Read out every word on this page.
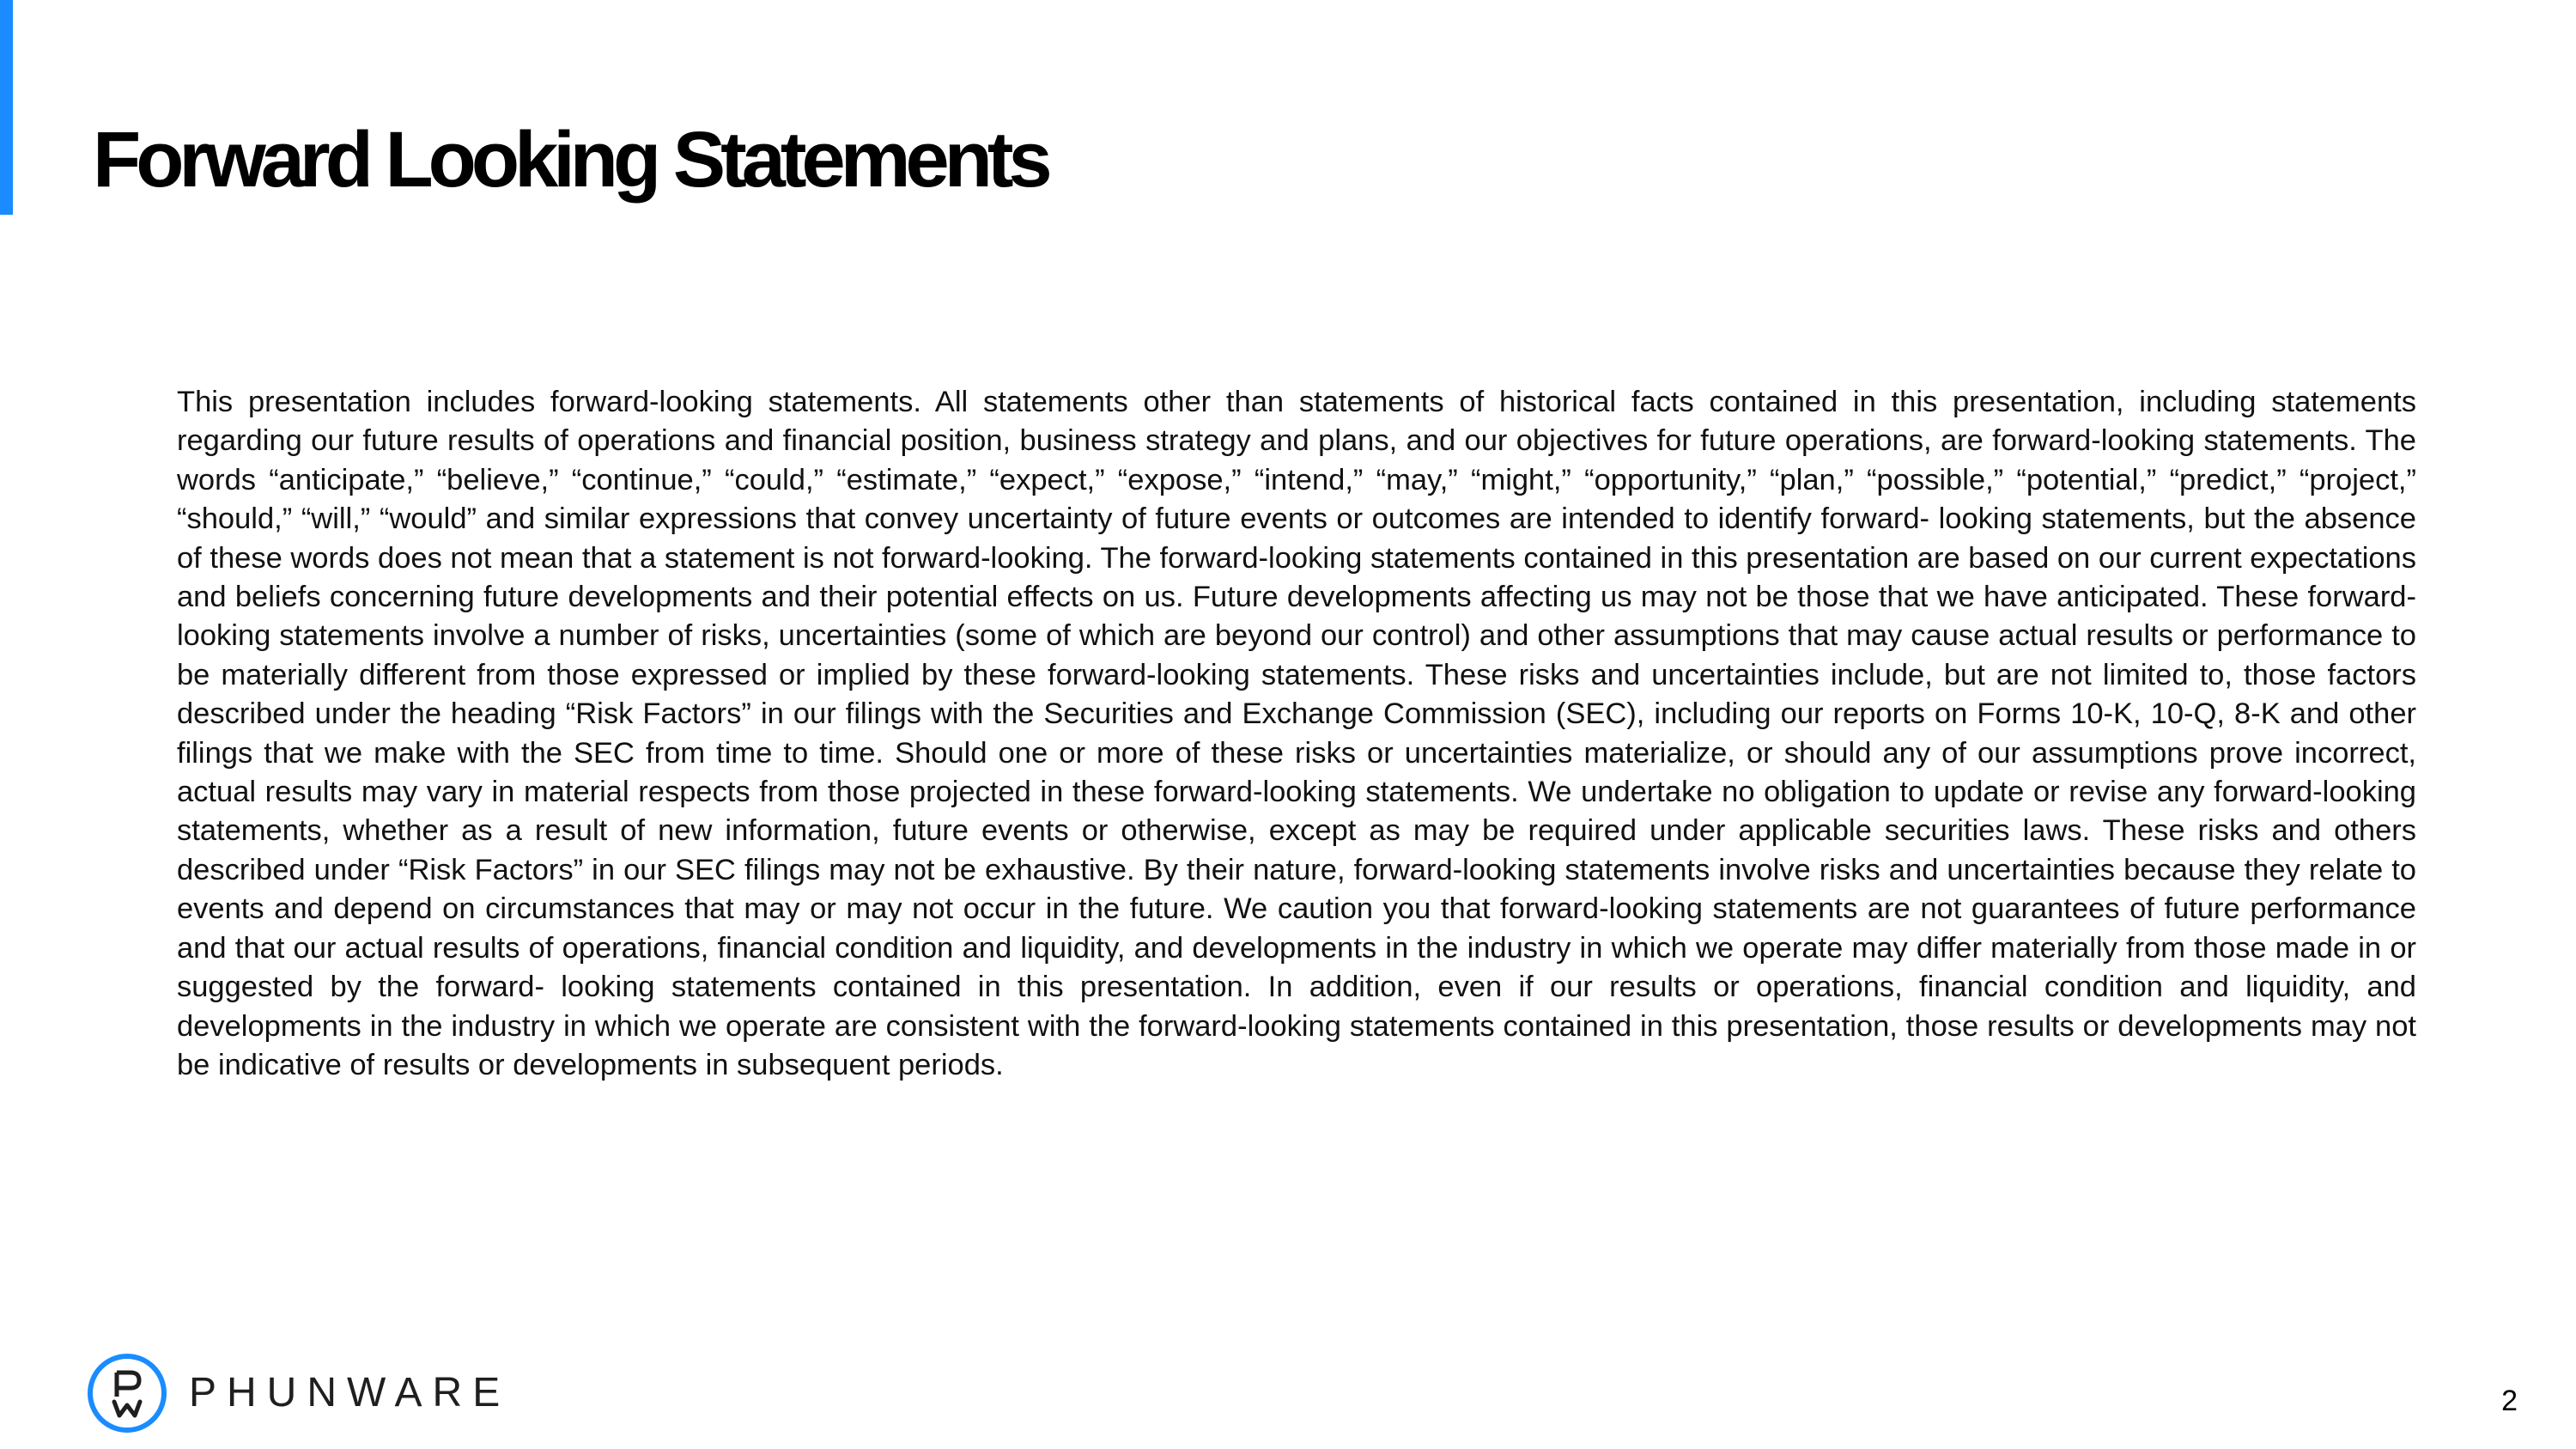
Forward Looking Statements

This presentation includes forward-looking statements. All statements other than statements of historical facts contained in this presentation, including statements regarding our future results of operations and financial position, business strategy and plans, and our objectives for future operations, are forward-looking statements. The words “anticipate,” “believe,” “continue,” “could,” “estimate,” “expect,” “expose,” “intend,” “may,” “might,” “opportunity,” “plan,” “possible,” “potential,” “predict,” “project,” “should,” “will,” “would” and similar expressions that convey uncertainty of future events or outcomes are intended to identify forward- looking statements, but the absence of these words does not mean that a statement is not forward-looking. The forward-looking statements contained in this presentation are based on our current expectations and beliefs concerning future developments and their potential effects on us. Future developments affecting us may not be those that we have anticipated. These forward-looking statements involve a number of risks, uncertainties (some of which are beyond our control) and other assumptions that may cause actual results or performance to be materially different from those expressed or implied by these forward-looking statements. These risks and uncertainties include, but are not limited to, those factors described under the heading “Risk Factors” in our filings with the Securities and Exchange Commission (SEC), including our reports on Forms 10-K, 10-Q, 8-K and other filings that we make with the SEC from time to time. Should one or more of these risks or uncertainties materialize, or should any of our assumptions prove incorrect, actual results may vary in material respects from those projected in these forward-looking statements. We undertake no obligation to update or revise any forward-looking statements, whether as a result of new information, future events or otherwise, except as may be required under applicable securities laws. These risks and others described under “Risk Factors” in our SEC filings may not be exhaustive. By their nature, forward-looking statements involve risks and uncertainties because they relate to events and depend on circumstances that may or may not occur in the future. We caution you that forward-looking statements are not guarantees of future performance and that our actual results of operations, financial condition and liquidity, and developments in the industry in which we operate may differ materially from those made in or suggested by the forward- looking statements contained in this presentation. In addition, even if our results or operations, financial condition and liquidity, and developments in the industry in which we operate are consistent with the forward-looking statements contained in this presentation, those results or developments may not be indicative of results or developments in subsequent periods.

PHUNWARE	2
